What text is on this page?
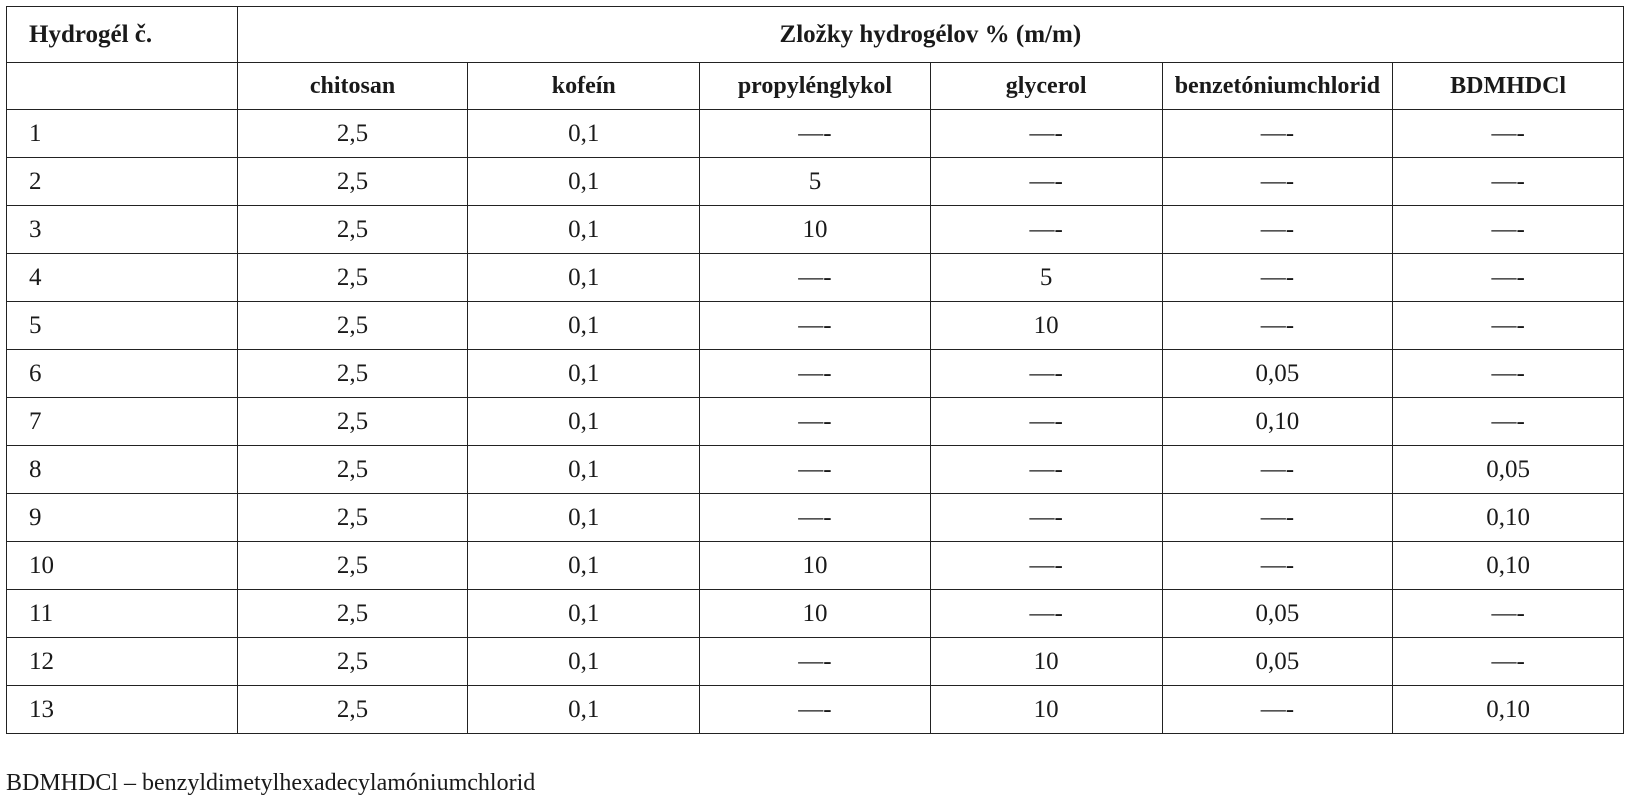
Hydrogél č.	Zložky hydrogélov % (m/m)					
	chitosan	kofeín	propylénglykol	glycerol	benzetóniumchlorid	BDMHDCl
1	2,5	0,1	—-	—-	—-	—-
2	2,5	0,1	5	—-	—-	—-
3	2,5	0,1	10	—-	—-	—-
4	2,5	0,1	—-	5	—-	—-
5	2,5	0,1	—-	10	—-	—-
6	2,5	0,1	—-	—-	0,05	—-
7	2,5	0,1	—-	—-	0,10	—-
8	2,5	0,1	—-	—-	—-	0,05
9	2,5	0,1	—-	—-	—-	0,10
10	2,5	0,1	10	—-	—-	0,10
11	2,5	0,1	10	—-	0,05	—-
12	2,5	0,1	—-	10	0,05	—-
13	2,5	0,1	—-	10	—-	0,10
BDMHDCl – benzyldimetylhexadecylamóniumchlorid
